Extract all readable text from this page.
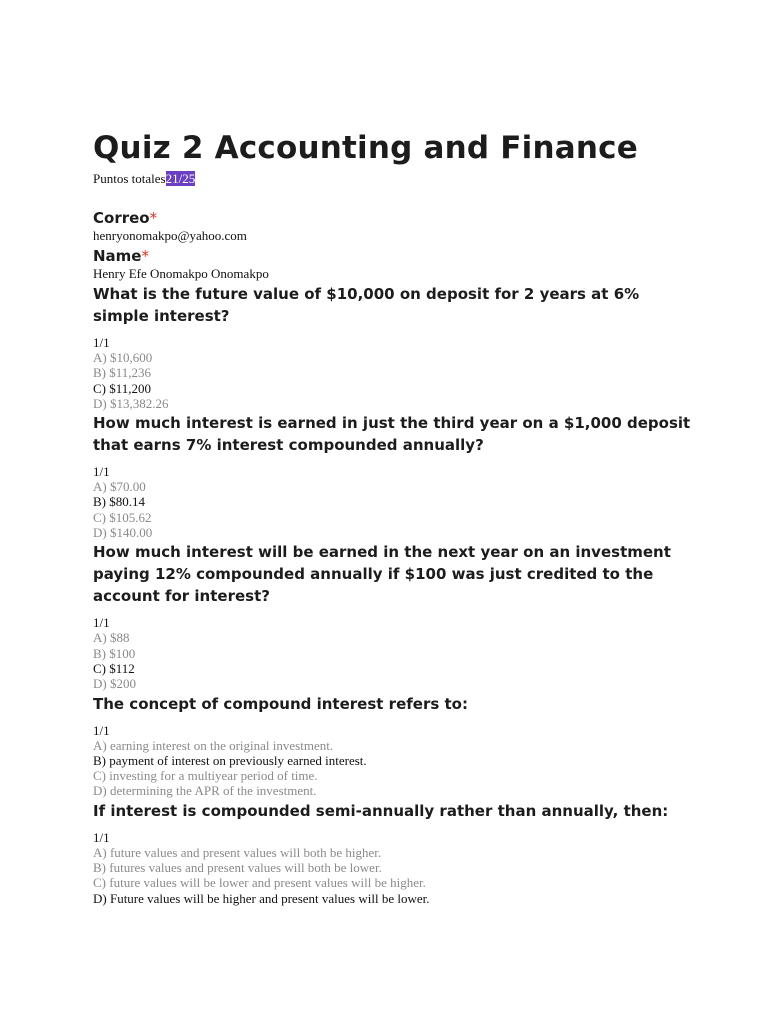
Quiz 2 Accounting and Finance
Puntos totales21/25
Correo*
henryonomakpo@yahoo.com
Name*
Henry Efe Onomakpo Onomakpo
What is the future value of $10,000 on deposit for 2 years at 6% simple interest?
1/1
A) $10,600
B) $11,236
C) $11,200
D) $13,382.26
How much interest is earned in just the third year on a $1,000 deposit that earns 7% interest compounded annually?
1/1
A) $70.00
B) $80.14
C) $105.62
D) $140.00
How much interest will be earned in the next year on an investment paying 12% compounded annually if $100 was just credited to the account for interest?
1/1
A) $88
B) $100
C) $112
D) $200
The concept of compound interest refers to:
1/1
A) earning interest on the original investment.
B) payment of interest on previously earned interest.
C) investing for a multiyear period of time.
D) determining the APR of the investment.
If interest is compounded semi-annually rather than annually, then:
1/1
A) future values and present values will both be higher.
B) futures values and present values will both be lower.
C) future values will be lower and present values will be higher.
D) Future values will be higher and present values will be lower.
